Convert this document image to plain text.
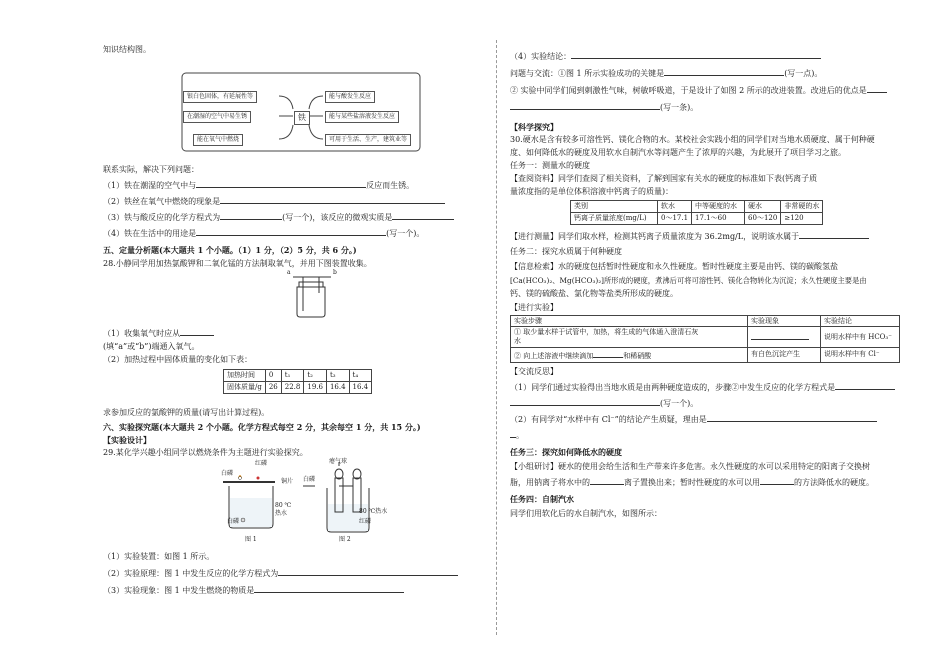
知识结构图。

银白色固体，有延展性等
在潮湿的空气中易生锈
能在氧气中燃烧
铁
能与酸发生反应
能与某些盐溶液发生反应
可用于生活、生产，建筑业等

联系实际，解决下列问题：

（1）铁在潮湿的空气中与	反应而生锈。

（2）铁丝在氧气中燃烧的现象是

（3）铁与酸反应的化学方程式为	(写一个)，该反应的微观实质是

（4）铁在生活中的用途是	(写一个)。

五、定量分析题(本大题共 1 个小题。（1）1 分，（2）5 分，共 6 分。)

28.小静同学用加热氯酸钾和二氧化锰的方法制取氧气，并用下图装置收集。

a	b

（1）收集氧气时应从

(填“a”或“b”)端通入氧气。

（2）加热过程中固体质量的变化如下表：

加热时间	0	t₁	t₂	t₃	t₄
固体质量/g	26	22.8	19.6	16.4	16.4

求参加反应的氯酸钾的质量(请写出计算过程)。

六、实验探究题(本大题共 2 个小题。化学方程式每空 2 分，其余每空 1 分，共 15 分。)

【实验设计】

29.某化学兴趣小组同学以燃烧条件为主题进行实验探究。

白磷
红磷
铜片
80 ℃
热水
白磷
图 1
瘪气球
白磷
80 ℃热水
红磷
图 2

（1）实验装置：如图 1 所示。

（2）实验原理：图 1 中发生反应的化学方程式为

（3）实验现象：图 1 中发生燃烧的物质是

（4）实验结论：

问题与交流：①图 1 所示实验成功的关键是	(写一点)。

② 实验中同学们闻到刺激性气味，树敏呼吸道，于是设计了如图 2 所示的改进装置。改进后的优点是

(写一条)。

【科学探究】

30.硬水是含有较多可溶性钙、镁化合物的水。某校社会实践小组的同学们对当地水质硬度、属于何种硬

度、如何降低水的硬度及用软水自制汽水等问题产生了浓厚的兴趣，为此展开了项目学习之旅。

任务一：测量水的硬度

【查阅资料】同学们查阅了相关资料，了解到国家有关水的硬度的标准如下表(钙离子质

量浓度指的是单位体积溶液中钙离子的质量)：

类别	软水	中等硬度的水	硬水	非常硬的水
钙离子质量浓度(mg/L)	0～17.1	17.1～60	60～120	≥120

【进行测量】同学们取水样，检测其钙离子质量浓度为 36.2mg/L，说明该水属于

任务二：探究水质属于何种硬度

【信息检索】水的硬度包括暂时性硬度和永久性硬度。暂时性硬度主要是由钙、镁的碳酸氢盐

[Ca(HCO₃)₂、Mg(HCO₃)₂]所形成的硬度，煮沸后可将可溶性钙、镁化合物转化为沉淀；永久性硬度主要是由

钙、镁的硫酸盐、氯化物等盐类所形成的硬度。

【进行实验】

实验步骤	实验现象	实验结论

① 取少量水样于试管中，加热，将生成的气体通入澄清石灰
水		说明水样中有 HCO₃⁻
② 向上述溶液中继续滴加 和稀硝酸	有白色沉淀产生	说明水样中有 Cl⁻

【交流反思】

（1）同学们通过实验得出当地水质是由两种硬度造成的，步骤②中发生反应的化学方程式是

(写一个)。

（2）有同学对“水样中有 Cl⁻”的结论产生质疑，理由是

。

任务三：探究如何降低水的硬度

【小组研讨】硬水的使用会给生活和生产带来许多危害。永久性硬度的水可以采用特定的阳离子交换树

脂，用钠离子将水中的	离子置换出来；暂时性硬度的水可以用	的方法降低水的硬度。

任务四：自制汽水

同学们用软化后的水自制汽水，如图所示：
